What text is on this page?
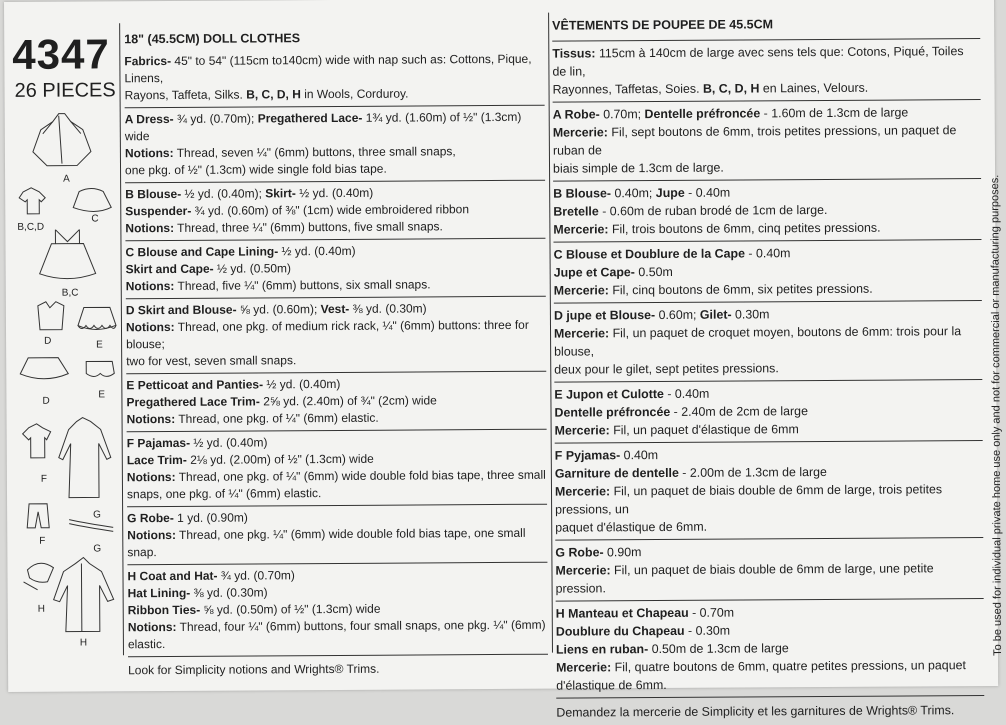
4347
26 PIECES
A
B,C,D
C
B,C
D	E
D
E
F
G
F
G
H
H
18" (45.5CM) DOLL CLOTHES
Fabrics- 45" to 54" (115cm to140cm) wide with nap such as: Cottons, Pique, Linens,
Rayons, Taffeta, Silks. B, C, D, H in Wools, Corduroy.
A Dress- ¾ yd. (0.70m); Pregathered Lace- 1¾ yd. (1.60m) of ½" (1.3cm) wide
Notions: Thread, seven ¼" (6mm) buttons, three small snaps,
one pkg. of ½" (1.3cm) wide single fold bias tape.
B Blouse- ½ yd. (0.40m); Skirt- ½ yd. (0.40m)
Suspender- ¾ yd. (0.60m) of ⅜" (1cm) wide embroidered ribbon
Notions: Thread, three ¼" (6mm) buttons, five small snaps.
C Blouse and Cape Lining- ½ yd. (0.40m)
Skirt and Cape- ½ yd. (0.50m)
Notions: Thread, five ¼" (6mm) buttons, six small snaps.
D Skirt and Blouse- ⅝ yd. (0.60m); Vest- ⅜ yd. (0.30m)
Notions: Thread, one pkg. of medium rick rack, ¼" (6mm) buttons: three for blouse;
two for vest, seven small snaps.
E Petticoat and Panties- ½ yd. (0.40m)
Pregathered Lace Trim- 2⅝ yd. (2.40m) of ¾" (2cm) wide
Notions: Thread, one pkg. of ¼" (6mm) elastic.
F Pajamas- ½ yd. (0.40m)
Lace Trim- 2⅛ yd. (2.00m) of ½" (1.3cm) wide
Notions: Thread, one pkg. of ¼" (6mm) wide double fold bias tape, three small
snaps, one pkg. of ¼" (6mm) elastic.
G Robe- 1 yd. (0.90m)
Notions: Thread, one pkg. ¼" (6mm) wide double fold bias tape, one small snap.
H Coat and Hat- ¾ yd. (0.70m)
Hat Lining- ⅜ yd. (0.30m)
Ribbon Ties- ⅝ yd. (0.50m) of ½" (1.3cm) wide
Notions: Thread, four ¼" (6mm) buttons, four small snaps, one pkg. ¼" (6mm)
elastic.
Look for Simplicity notions and Wrights® Trims.
VÊTEMENTS DE POUPEE DE 45.5CM
Tissus: 115cm à 140cm de large avec sens tels que: Cotons, Piqué, Toiles de lin,
Rayonnes, Taffetas, Soies. B, C, D, H en Laines, Velours.
A Robe- 0.70m; Dentelle préfroncée - 1.60m de 1.3cm de large
Mercerie: Fil, sept boutons de 6mm, trois petites pressions, un paquet de ruban de
biais simple de 1.3cm de large.
B Blouse- 0.40m; Jupe - 0.40m
Bretelle - 0.60m de ruban brodé de 1cm de large.
Mercerie: Fil, trois boutons de 6mm, cinq petites pressions.
C Blouse et Doublure de la Cape - 0.40m
Jupe et Cape- 0.50m
Mercerie: Fil, cinq boutons de 6mm, six petites pressions.
D jupe et Blouse- 0.60m; Gilet- 0.30m
Mercerie: Fil, un paquet de croquet moyen, boutons de 6mm: trois pour la blouse,
deux pour le gilet, sept petites pressions.
E Jupon et Culotte - 0.40m
Dentelle préfroncée - 2.40m de 2cm de large
Mercerie: Fil, un paquet d'élastique de 6mm
F Pyjamas- 0.40m
Garniture de dentelle - 2.00m de 1.3cm de large
Mercerie: Fil, un paquet de biais double de 6mm de large, trois petites pressions, un
paquet d'élastique de 6mm.
G Robe- 0.90m
Mercerie: Fil, un paquet de biais double de 6mm de large, une petite pression.
H Manteau et Chapeau - 0.70m
Doublure du Chapeau - 0.30m
Liens en ruban- 0.50m de 1.3cm de large
Mercerie: Fil, quatre boutons de 6mm, quatre petites pressions, un paquet
d'élastique de 6mm.
Demandez la mercerie de Simplicity et les garnitures de Wrights® Trims.
To be used for individual private home use only and not for commercial or manufacturing purposes.
